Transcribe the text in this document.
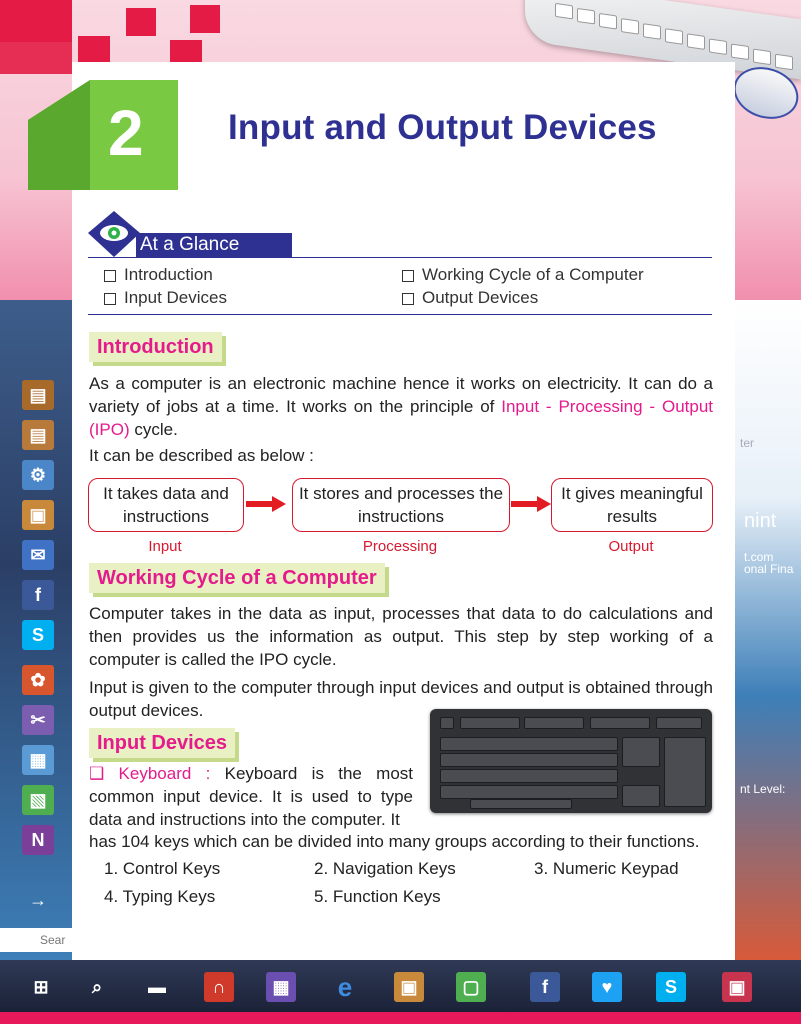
2 Input and Output Devices
At a Glance
Introduction	Working Cycle of a Computer
Input Devices	Output Devices
Introduction
As a computer is an electronic machine hence it works on electricity. It can do a variety of jobs at a time. It works on the principle of Input - Processing - Output (IPO) cycle.
It can be described as below :
It takes data and instructions
It stores and processes the instructions
It gives meaningful results
Input	Processing	Output
Working Cycle of a Computer
Computer takes in the data as input, processes that data to do calculations and then provides us the information as output. This step by step working of a computer is called the IPO cycle.
Input is given to the computer through input devices and output is obtained through output devices.
Input Devices
❑ Keyboard : Keyboard is the most common input device. It is used to type data and instructions into the computer. It
has 104 keys which can be divided into many groups according to their functions.
1. Control Keys	2. Navigation Keys	3. Numeric Keypad
4. Typing Keys	5. Function Keys
▤
▤
⚙
▣
✉
f
S
✿
✂
▦
▧
N
→
Sear
nint
t.com
onal Fina
nt Level:
ter
⊞	⌕	▬	∩	▦ e	▣	▢	f	♥	S	▣
